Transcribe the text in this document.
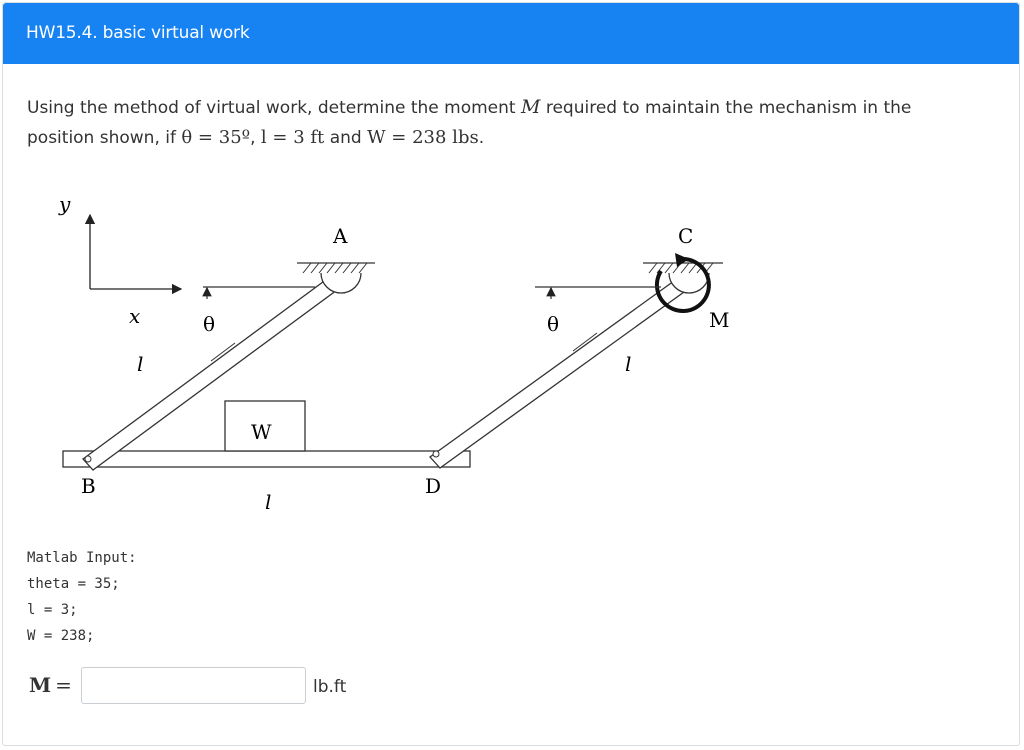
HW15.4. basic virtual work
Using the method of virtual work, determine the moment M required to maintain the mechanism in the
position shown, if θ = 35º, l = 3 ft and W = 238 lbs.
y
x
A	C
M
θ	θ
l	l
l
W
B	D
Matlab Input:
theta = 35;
l = 3;
W = 238;
M =	lb.ft
